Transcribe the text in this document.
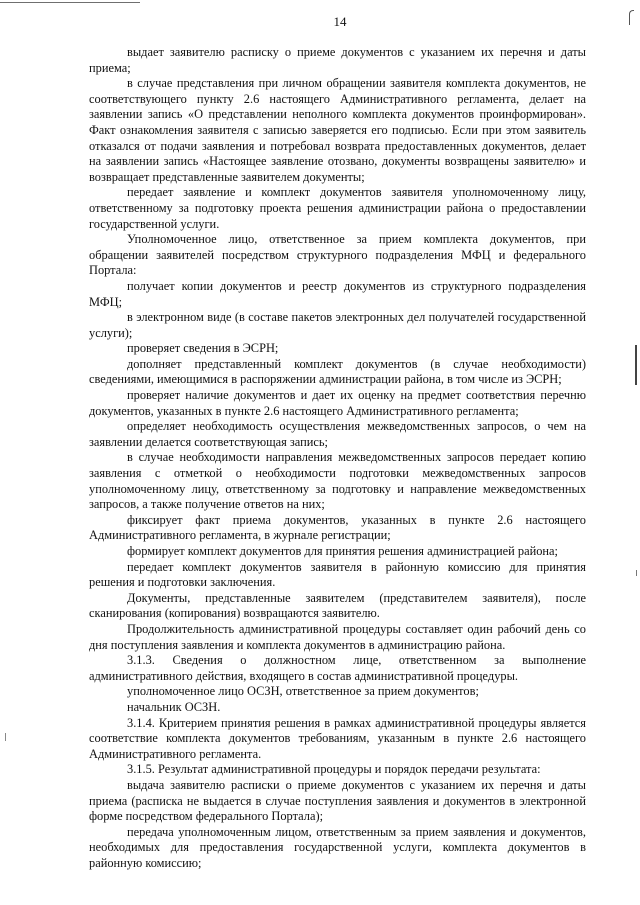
14

выдает заявителю расписку о приеме документов с указанием их перечня и даты приема;

в случае представления при личном обращении заявителя комплекта документов, не соответствующего пункту 2.6 настоящего Административного регламента, делает на заявлении запись «О представлении неполного комплекта документов проинформирован». Факт ознакомления заявителя с записью заверяется его подписью. Если при этом заявитель отказался от подачи заявления и потребовал возврата предоставленных документов, делает на заявлении запись «Настоящее заявление отозвано, документы возвращены заявителю» и возвращает представленные заявителем документы;

передает заявление и комплект документов заявителя уполномоченному лицу, ответственному за подготовку проекта решения администрации района о предоставлении государственной услуги.

Уполномоченное лицо, ответственное за прием комплекта документов, при обращении заявителей посредством структурного подразделения МФЦ и федерального Портала:

получает копии документов и реестр документов из структурного подразделения МФЦ;

в электронном виде (в составе пакетов электронных дел получателей государственной услуги);

проверяет сведения в ЭСРН;

дополняет представленный комплект документов (в случае необходимости) сведениями, имеющимися в распоряжении администрации района, в том числе из ЭСРН;

проверяет наличие документов и дает их оценку на предмет соответствия перечню документов, указанных в пункте 2.6 настоящего Административного регламента;

определяет необходимость осуществления межведомственных запросов, о чем на заявлении делается соответствующая запись;

в случае необходимости направления межведомственных запросов передает копию заявления с отметкой о необходимости подготовки межведомственных запросов уполномоченному лицу, ответственному за подготовку и направление межведомственных запросов, а также получение ответов на них;

фиксирует факт приема документов, указанных в пункте 2.6 настоящего Административного регламента, в журнале регистрации;

формирует комплект документов для принятия решения администрацией района;

передает комплект документов заявителя в районную комиссию для принятия решения и подготовки заключения.

Документы, представленные заявителем (представителем заявителя), после сканирования (копирования) возвращаются заявителю.

Продолжительность административной процедуры составляет один рабочий день со дня поступления заявления и комплекта документов в администрацию района.

3.1.3. Сведения о должностном лице, ответственном за выполнение административного действия, входящего в состав административной процедуры.

уполномоченное лицо ОСЗН, ответственное за прием документов;

начальник ОСЗН.

3.1.4. Критерием принятия решения в рамках административной процедуры является соответствие комплекта документов требованиям, указанным в пункте 2.6 настоящего Административного регламента.

3.1.5. Результат административной процедуры и порядок передачи результата:

выдача заявителю расписки о приеме документов с указанием их перечня и даты приема (расписка не выдается в случае поступления заявления и документов в электронной форме посредством федерального Портала);

передача уполномоченным лицом, ответственным за прием заявления и документов, необходимых для предоставления государственной услуги, комплекта документов в районную комиссию;
